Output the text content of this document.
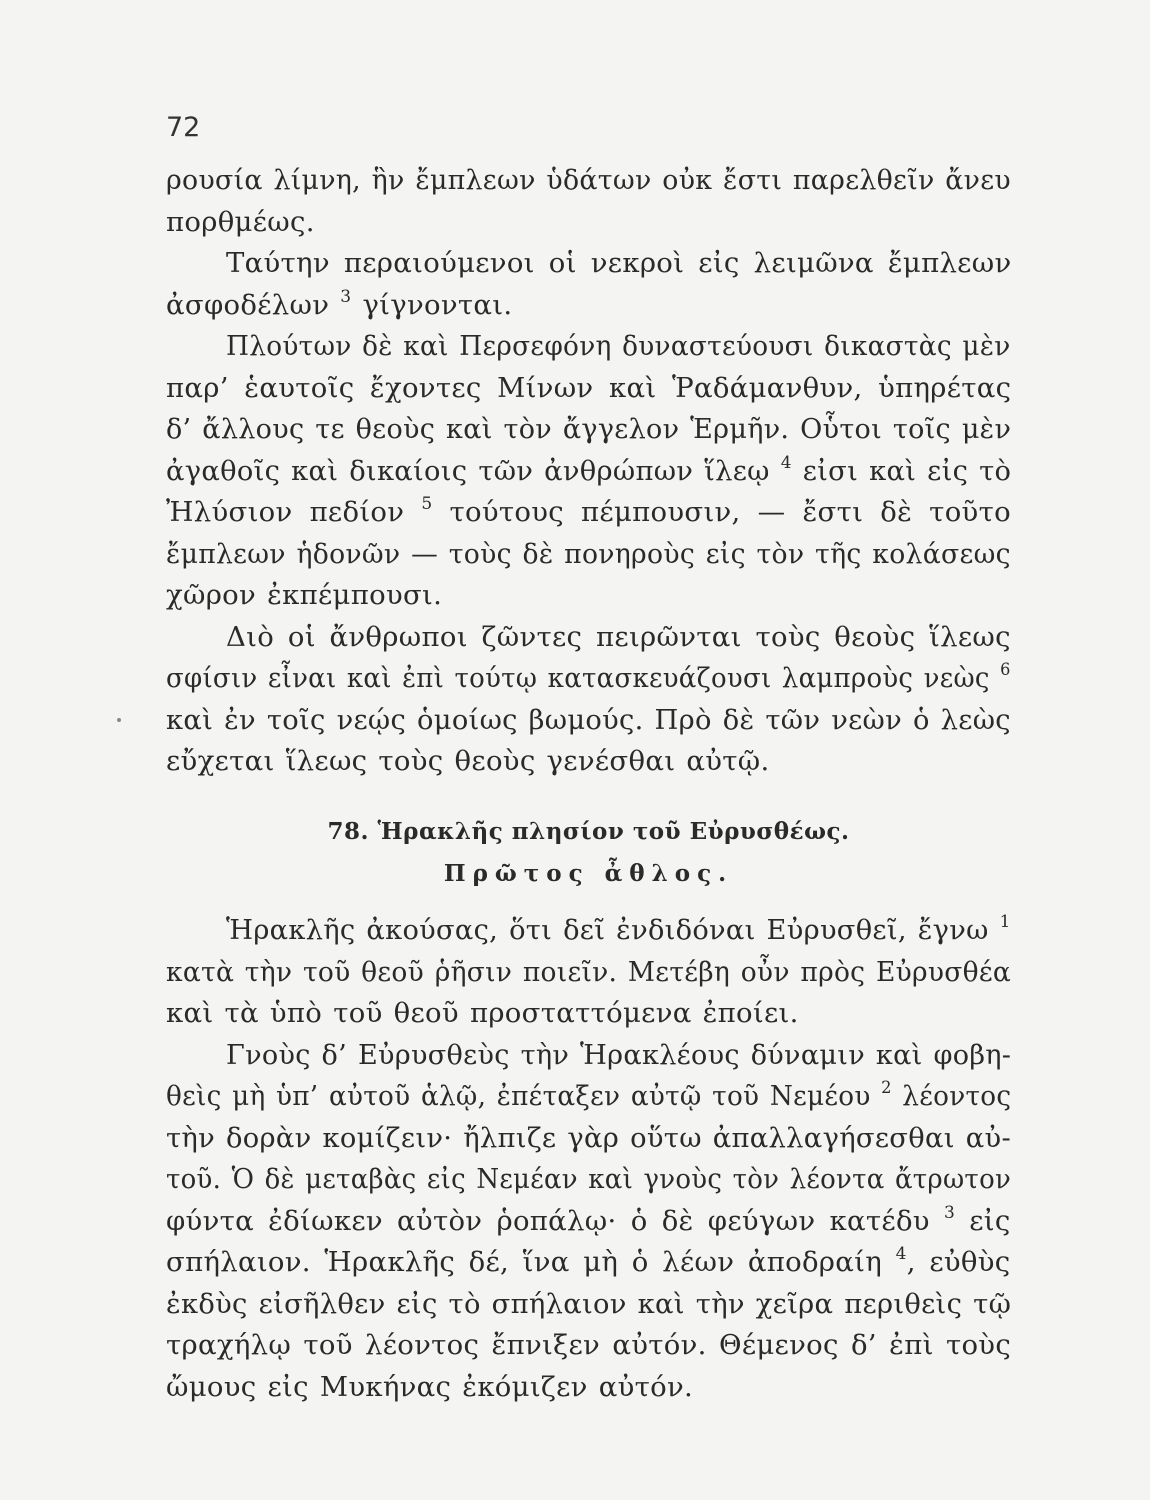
72
ρουσία λίμνη, ἣν ἔμπλεων ὑδάτων οὐκ ἔστι παρελθεῖν ἄνευ
πορθμέως.
Ταύτην περαιούμενοι οἱ νεκροὶ εἰς λειμῶνα ἔμπλεων
ἀσφοδέλων $^3$ γίγνονται.
Πλούτων δὲ καὶ Περσεφόνη δυναστεύουσι δικαστὰς μὲν
παρ’ ἑαυτοῖς ἔχοντες Μίνων καὶ Ῥαδάμανθυν, ὑπηρέτας
δ’ ἄλλους τε θεοὺς καὶ τὸν ἄγγελον Ἑρμῆν. Οὗτοι τοῖς μὲν
ἀγαθοῖς καὶ δικαίοις τῶν ἀνθρώπων ἵλεῳ $^4$ εἰσι καὶ εἰς τὸ
Ἠλύσιον πεδίον $^5$ τούτους πέμπουσιν, — ἔστι δὲ τοῦτο
ἔμπλεων ἡδονῶν — τοὺς δὲ πονηροὺς εἰς τὸν τῆς κολάσεως
χῶρον ἐκπέμπουσι.
Διὸ οἱ ἄνθρωποι ζῶντες πειρῶνται τοὺς θεοὺς ἵλεως
σφίσιν εἶναι καὶ ἐπὶ τούτῳ κατασκευάζουσι λαμπροὺς νεὼς $^6$
καὶ ἐν τοῖς νεῴς ὁμοίως βωμούς. Πρὸ δὲ τῶν νεὼν ὁ λεὼς
εὔχεται ἵλεως τοὺς θεοὺς γενέσθαι αὐτῷ.
78. Ἡρακλῆς πλησίον τοῦ Εὐρυσθέως.
Πρῶτος ἆθλος.
Ἡρακλῆς ἀκούσας, ὅτι δεῖ ἐνδιδόναι Εὐρυσθεῖ, ἔγνω $^1$
κατὰ τὴν τοῦ θεοῦ ῥῆσιν ποιεῖν. Μετέβη οὖν πρὸς Εὐρυσθέα
καὶ τὰ ὑπὸ τοῦ θεοῦ προσταττόμενα ἐποίει.
Γνοὺς δ’ Εὐρυσθεὺς τὴν Ἡρακλέους δύναμιν καὶ φοβη-
θεὶς μὴ ὑπ’ αὐτοῦ ἁλῷ, ἐπέταξεν αὐτῷ τοῦ Νεμέου $^2$ λέοντος
τὴν δορὰν κομίζειν· ἤλπιζε γὰρ οὕτω ἀπαλλαγήσεσθαι αὐ-
τοῦ. Ὁ δὲ μεταβὰς εἰς Νεμέαν καὶ γνοὺς τὸν λέοντα ἄτρωτον
φύντα ἐδίωκεν αὐτὸν ῥοπάλῳ· ὁ δὲ φεύγων κατέδυ $^3$ εἰς
σπήλαιον. Ἡρακλῆς δέ, ἵνα μὴ ὁ λέων ἀποδραίη $^4$, εὐθὺς
ἐκδὺς εἰσῆλθεν εἰς τὸ σπήλαιον καὶ τὴν χεῖρα περιθεὶς τῷ
τραχήλῳ τοῦ λέοντος ἔπνιξεν αὐτόν. Θέμενος δ’ ἐπὶ τοὺς
ὤμους εἰς Μυκήνας ἐκόμιζεν αὐτόν.
